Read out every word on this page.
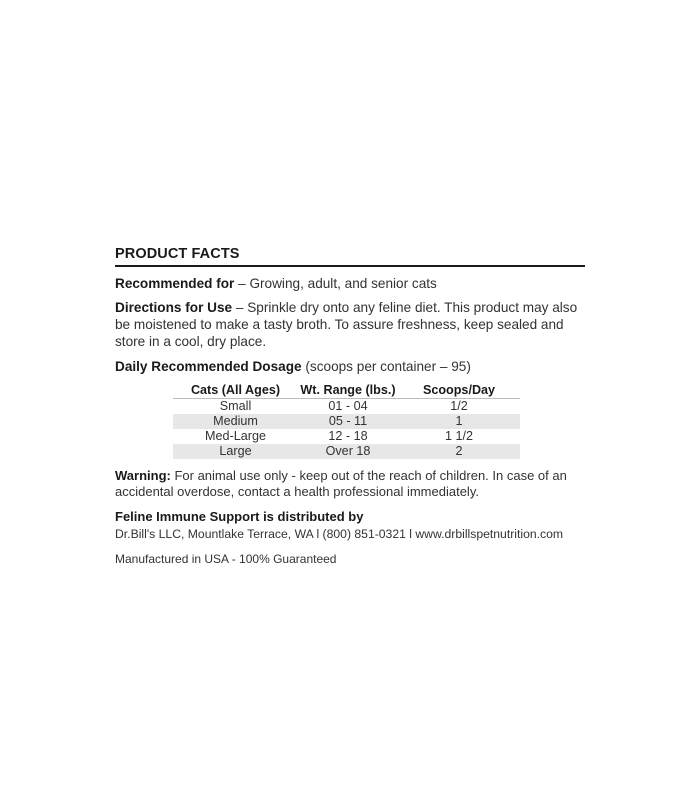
PRODUCT FACTS
Recommended for – Growing, adult, and senior cats
Directions for Use – Sprinkle dry onto any feline diet. This product may also be moistened to make a tasty broth. To assure freshness, keep sealed and store in a cool, dry place.
Daily Recommended Dosage (scoops per container – 95)
Cats (All Ages)	Wt. Range (lbs.)	Scoops/Day
Small	01 - 04	1/2
Medium	05 - 11	1
Med-Large	12 - 18	1 1/2
Large	Over 18	2
Warning: For animal use only - keep out of the reach of children. In case of an accidental overdose, contact a health professional immediately.
Feline Immune Support is distributed by
Dr.Bill's LLC, Mountlake Terrace, WA l (800) 851-0321 l www.drbillspetnutrition.com
Manufactured in USA - 100% Guaranteed
